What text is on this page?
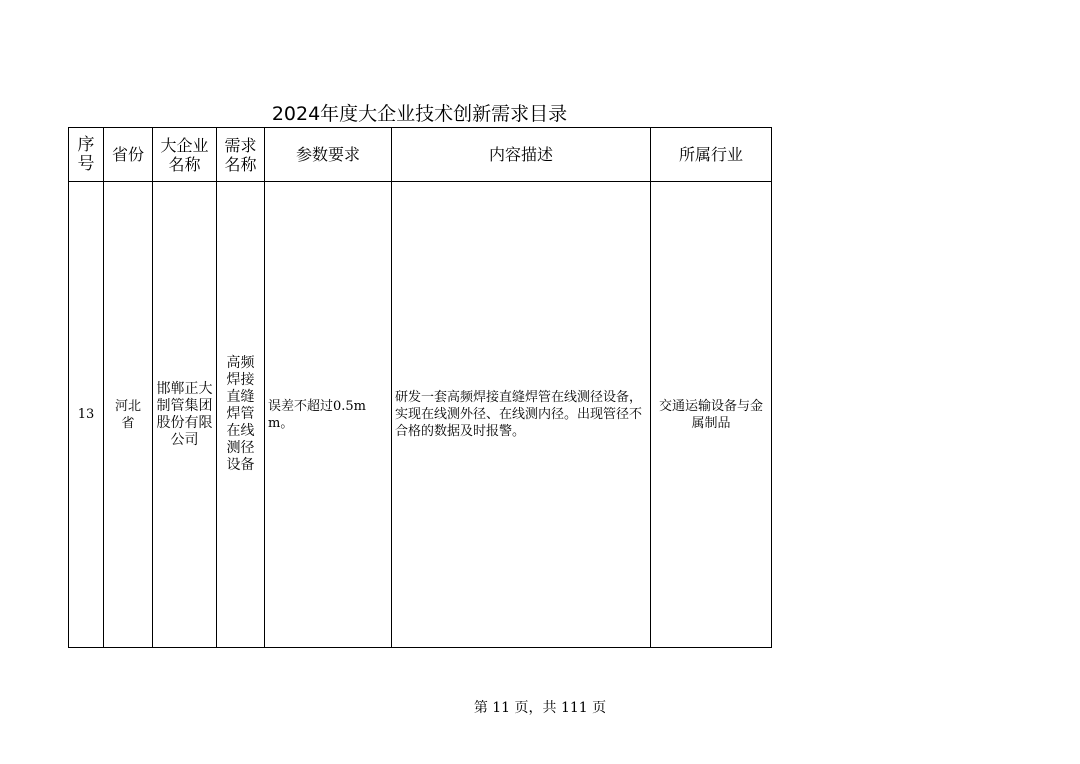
2024年度大企业技术创新需求目录
序号	省份	大企业名称	需求名称	参数要求	内容描述	所属行业

13	河北省	邯郸正大制管集团股份有限公司	高频焊接直缝焊管在线测径设备	误差不超过0.5mm。	研发一套高频焊接直缝焊管在线测径设备，实现在线测外径、在线测内径。出现管径不合格的数据及时报警。	交通运输设备与金属制品
第 11 页，共 111 页
